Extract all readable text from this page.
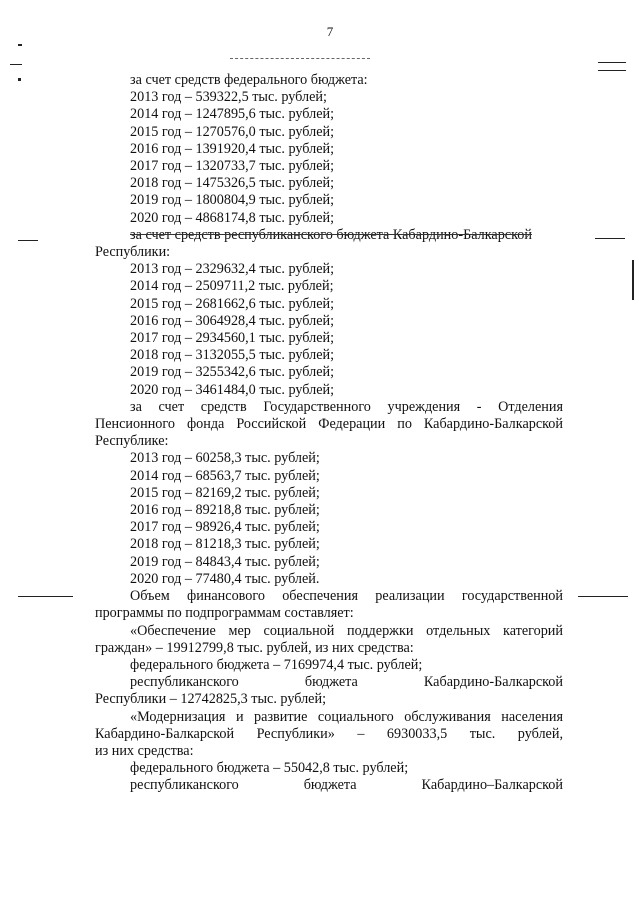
7

за счет средств федерального бюджета:

2013 год – 539322,5 тыс. рублей;

2014 год – 1247895,6 тыс. рублей;

2015 год – 1270576,0 тыс. рублей;

2016 год – 1391920,4 тыс. рублей;

2017 год – 1320733,7 тыс. рублей;

2018 год – 1475326,5 тыс. рублей;

2019 год – 1800804,9 тыс. рублей;

2020 год – 4868174,8 тыс. рублей;

за счет средств республиканского бюджета Кабардино-Балкарской

Республики:

2013 год – 2329632,4 тыс. рублей;

2014 год – 2509711,2 тыс. рублей;

2015 год – 2681662,6 тыс. рублей;

2016 год – 3064928,4 тыс. рублей;

2017 год – 2934560,1 тыс. рублей;

2018 год – 3132055,5 тыс. рублей;

2019 год – 3255342,6 тыс. рублей;

2020 год – 3461484,0 тыс. рублей;

за счет средств Государственного учреждения - Отделения

Пенсионного фонда Российской Федерации по Кабардино-Балкарской

Республике:

2013 год – 60258,3 тыс. рублей;

2014 год – 68563,7 тыс. рублей;

2015 год – 82169,2 тыс. рублей;

2016 год – 89218,8 тыс. рублей;

2017 год – 98926,4 тыс. рублей;

2018 год – 81218,3 тыс. рублей;

2019 год – 84843,4 тыс. рублей;

2020 год – 77480,4 тыс. рублей.

Объем финансового обеспечения реализации государственной

программы по подпрограммам составляет:

«Обеспечение мер социальной поддержки отдельных категорий

граждан» – 19912799,8 тыс. рублей, из них средства:

федерального бюджета – 7169974,4 тыс. рублей;

республиканского бюджета Кабардино-Балкарской

Республики – 12742825,3 тыс. рублей;

«Модернизация и развитие социального обслуживания населения

Кабардино-Балкарской Республики» – 6930033,5 тыс. рублей,

из них средства:

федерального бюджета – 55042,8 тыс. рублей;

республиканского бюджета Кабардино–Балкарской
